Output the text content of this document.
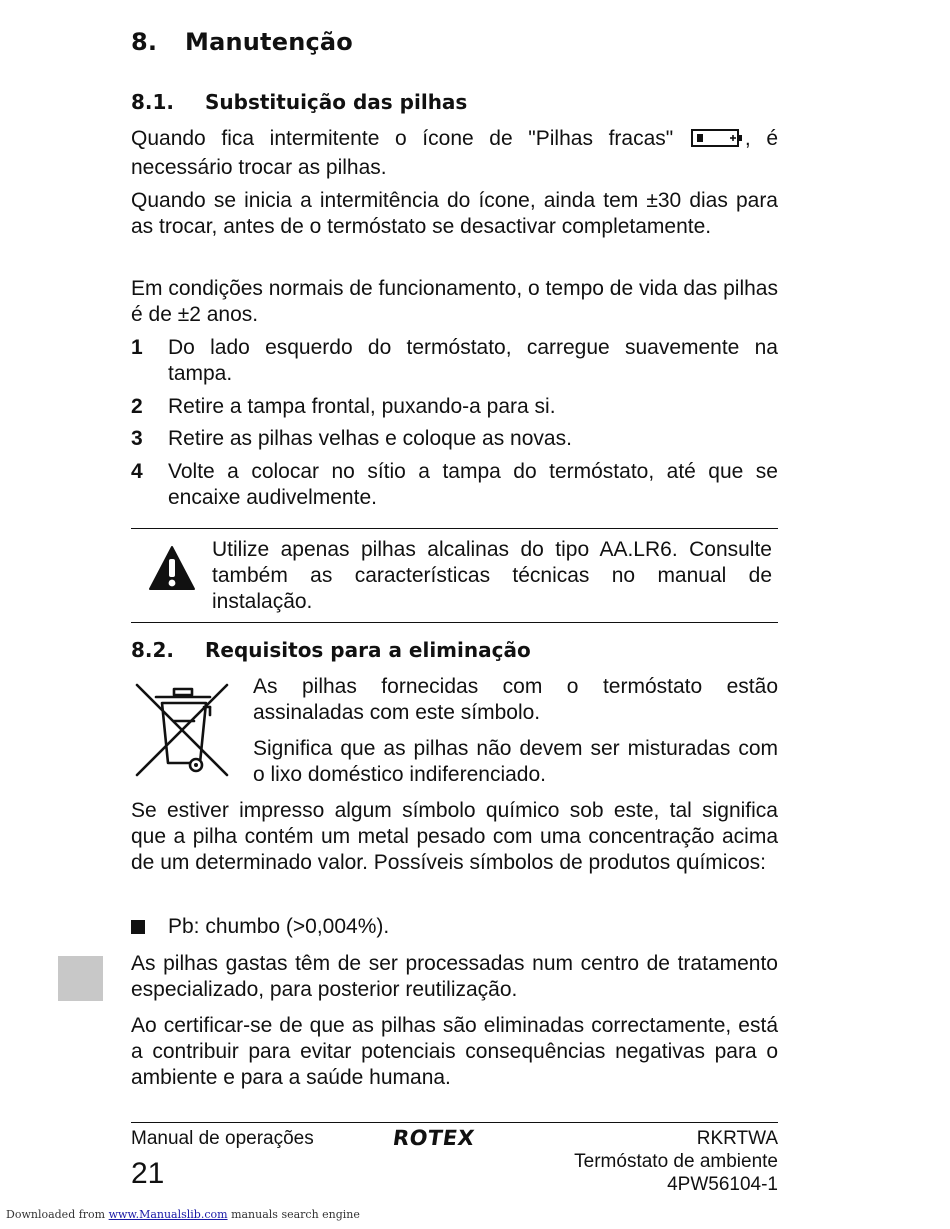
8. Manutenção
8.1. Substituição das pilhas

Quando fica intermitente o ícone de "Pilhas fracas"	, é necessário trocar as pilhas.

Quando se inicia a intermitência do ícone, ainda tem ±30 dias para as trocar, antes de o termóstato se desactivar completamente.

Em condições normais de funcionamento, o tempo de vida das pilhas é de ±2 anos.

1	Do lado esquerdo do termóstato, carregue suavemente na tampa.
2	Retire a tampa frontal, puxando-a para si.
3	Retire as pilhas velhas e coloque as novas.
4	Volte a colocar no sítio a tampa do termóstato, até que se encaixe audivelmente.

Utilize apenas pilhas alcalinas do tipo AA.LR6. Consulte também as características técnicas no manual de instalação.

8.2. Requisitos para a eliminação

As pilhas fornecidas com o termóstato estão assinaladas com este símbolo.

Significa que as pilhas não devem ser misturadas com o lixo doméstico indiferenciado.

Se estiver impresso algum símbolo químico sob este, tal significa que a pilha contém um metal pesado com uma concentração acima de um determinado valor. Possíveis símbolos de produtos químicos:

Pb: chumbo (>0,004%).

As pilhas gastas têm de ser processadas num centro de tratamento especializado, para posterior reutilização.

Ao certificar-se de que as pilhas são eliminadas correctamente, está a contribuir para evitar potenciais consequências negativas para o ambiente e para a saúde humana.

Manual de operações
21
ROTEX	RKRTWA
Termóstato de ambiente
4PW56104-1
Downloaded from www.Manualslib.com manuals search engine
